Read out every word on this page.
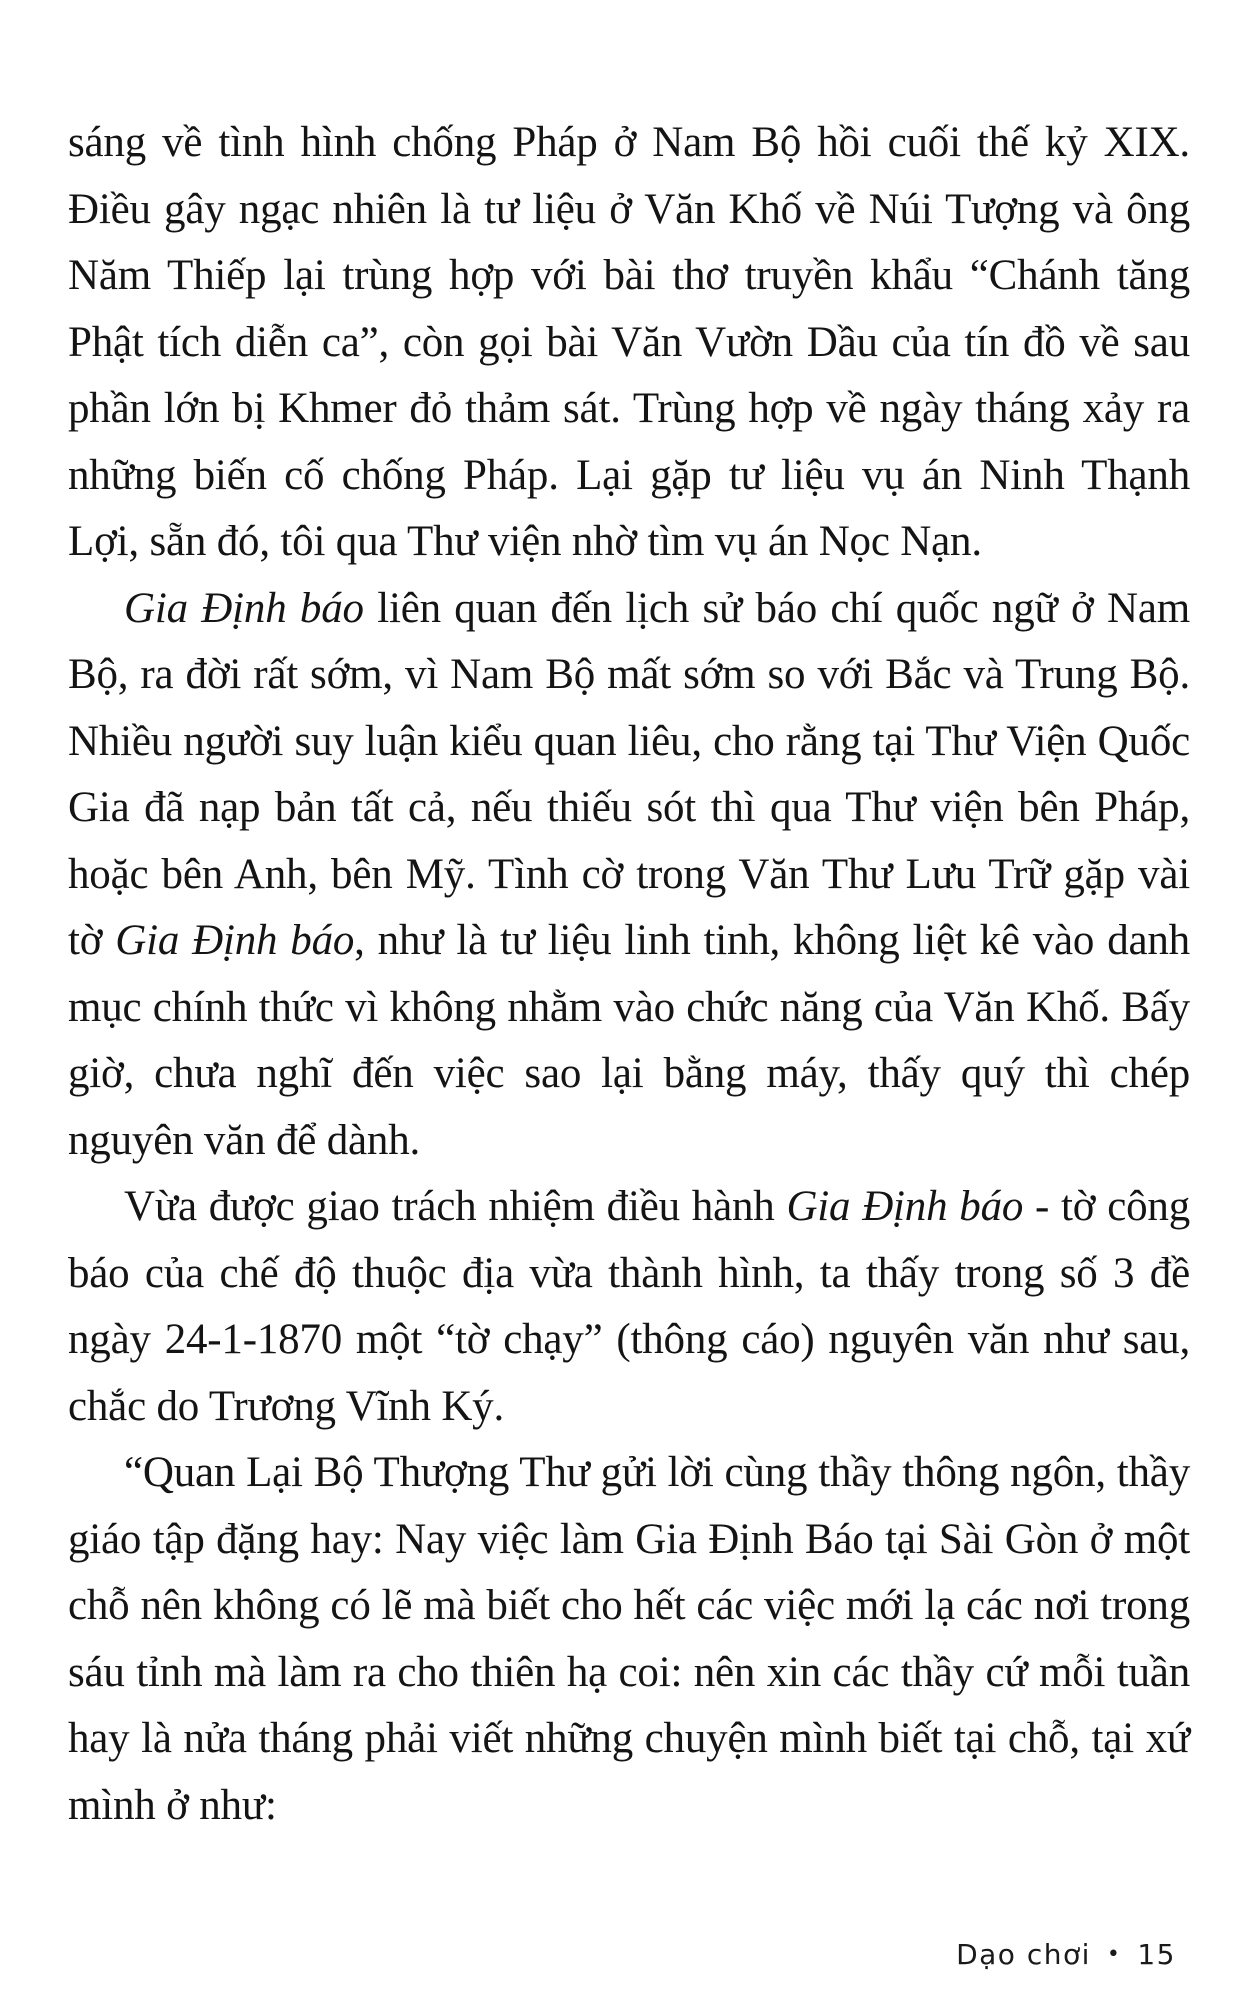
sáng về tình hình chống Pháp ở Nam Bộ hồi cuối thế kỷ XIX. Điều gây ngạc nhiên là tư liệu ở Văn Khố về Núi Tượng và ông Năm Thiếp lại trùng hợp với bài thơ truyền khẩu “Chánh tăng Phật tích diễn ca”, còn gọi bài Văn Vườn Dầu của tín đồ về sau phần lớn bị Khmer đỏ thảm sát. Trùng hợp về ngày tháng xảy ra những biến cố chống Pháp. Lại gặp tư liệu vụ án Ninh Thạnh Lợi, sẵn đó, tôi qua Thư viện nhờ tìm vụ án Nọc Nạn.

Gia Định báo liên quan đến lịch sử báo chí quốc ngữ ở Nam Bộ, ra đời rất sớm, vì Nam Bộ mất sớm so với Bắc và Trung Bộ. Nhiều người suy luận kiểu quan liêu, cho rằng tại Thư Viện Quốc Gia đã nạp bản tất cả, nếu thiếu sót thì qua Thư viện bên Pháp, hoặc bên Anh, bên Mỹ. Tình cờ trong Văn Thư Lưu Trữ gặp vài tờ Gia Định báo, như là tư liệu linh tinh, không liệt kê vào danh mục chính thức vì không nhằm vào chức năng của Văn Khố. Bấy giờ, chưa nghĩ đến việc sao lại bằng máy, thấy quý thì chép nguyên văn để dành.

Vừa được giao trách nhiệm điều hành Gia Định báo - tờ công báo của chế độ thuộc địa vừa thành hình, ta thấy trong số 3 đề ngày 24-1-1870 một “tờ chạy” (thông cáo) nguyên văn như sau, chắc do Trương Vĩnh Ký.

“Quan Lại Bộ Thượng Thư gửi lời cùng thầy thông ngôn, thầy giáo tập đặng hay: Nay việc làm Gia Định Báo tại Sài Gòn ở một chỗ nên không có lẽ mà biết cho hết các việc mới lạ các nơi trong sáu tỉnh mà làm ra cho thiên hạ coi: nên xin các thầy cứ mỗi tuần hay là nửa tháng phải viết những chuyện mình biết tại chỗ, tại xứ mình ở như:

Dạo chơi • 15
